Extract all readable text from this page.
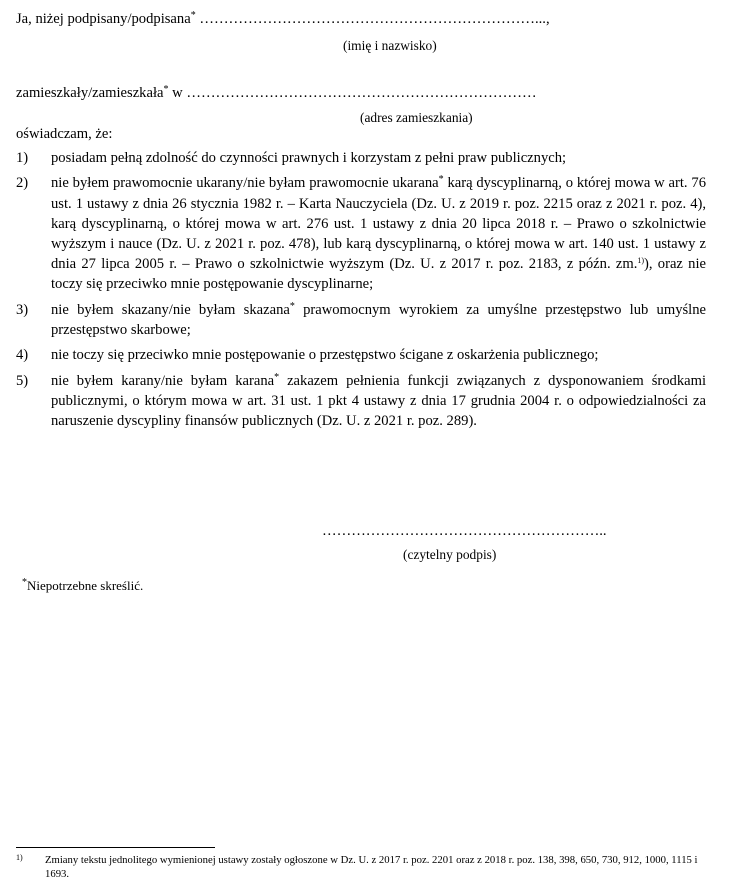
Ja, niżej podpisany/podpisana* ……………………………………………………………...,
(imię i nazwisko)
zamieszkały/zamieszkała* w ………………………………………………………………
(adres zamieszkania)
oświadczam, że:
1)	posiadam pełną zdolność do czynności prawnych i korzystam z pełni praw publicznych;
2)	nie byłem prawomocnie ukarany/nie byłam prawomocnie ukarana* karą dyscyplinarną, o której mowa w art. 76 ust. 1 ustawy z dnia 26 stycznia 1982 r. – Karta Nauczyciela (Dz. U. z 2019 r. poz. 2215 oraz z 2021 r. poz. 4), karą dyscyplinarną, o której mowa w art. 276 ust. 1 ustawy z dnia 20 lipca 2018 r. – Prawo o szkolnictwie wyższym i nauce (Dz. U. z 2021 r. poz. 478), lub karą dyscyplinarną, o której mowa w art. 140 ust. 1 ustawy z dnia 27 lipca 2005 r. – Prawo o szkolnictwie wyższym (Dz. U. z 2017 r. poz. 2183, z późn. zm.$^{1)}$), oraz nie toczy się przeciwko mnie postępowanie dyscyplinarne;
3)	nie byłem skazany/nie byłam skazana* prawomocnym wyrokiem za umyślne przestępstwo lub umyślne przestępstwo skarbowe;
4)	nie toczy się przeciwko mnie postępowanie o przestępstwo ścigane z oskarżenia publicznego;
5)	nie byłem karany/nie byłam karana* zakazem pełnienia funkcji związanych z dysponowaniem środkami publicznymi, o którym mowa w art. 31 ust. 1 pkt 4 ustawy z dnia 17 grudnia 2004 r. o odpowiedzialności za naruszenie dyscypliny finansów publicznych (Dz. U. z 2021 r. poz. 289).
…………………………………………………..
(czytelny podpis)
*Niepotrzebne skreślić.
1)	Zmiany tekstu jednolitego wymienionej ustawy zostały ogłoszone w Dz. U. z 2017 r. poz. 2201 oraz z 2018 r. poz. 138, 398, 650, 730, 912, 1000, 1115 i 1693.
